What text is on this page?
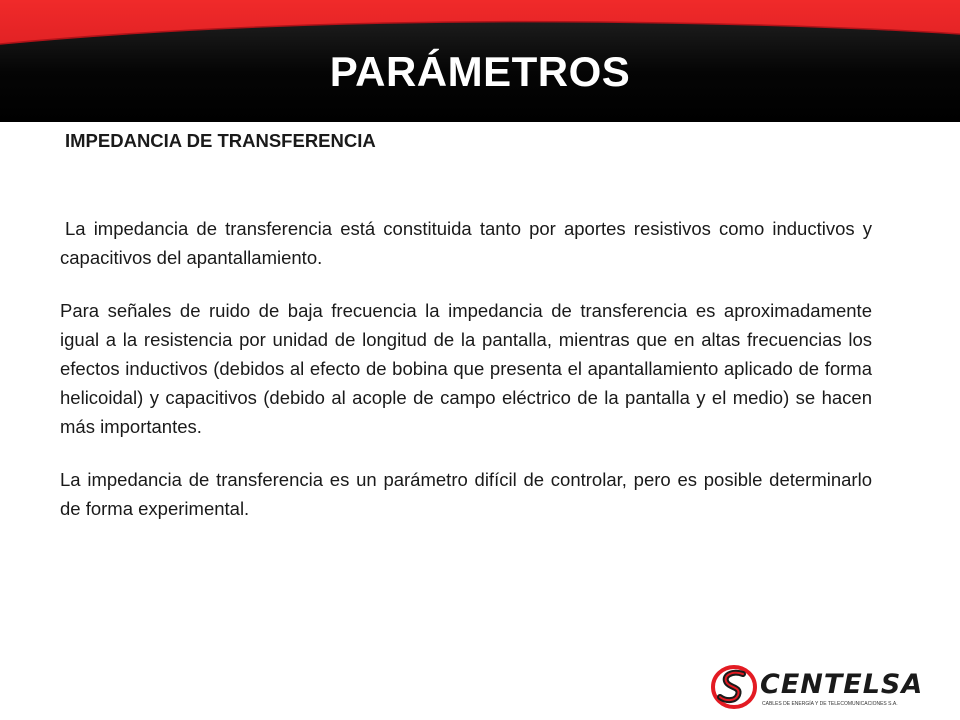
PARÁMETROS
IMPEDANCIA DE TRANSFERENCIA

La impedancia de transferencia está constituida tanto por aportes resistivos como inductivos y capacitivos del apantallamiento.

Para señales de ruido de baja frecuencia la impedancia de transferencia es aproximadamente igual a la resistencia por unidad de longitud de la pantalla, mientras que en altas frecuencias los efectos inductivos (debidos al efecto de bobina que presenta el apantallamiento aplicado de forma helicoidal) y capacitivos (debido al acople de campo eléctrico de la pantalla y el medio) se hacen más importantes.

La impedancia de transferencia es un parámetro difícil de controlar, pero es posible determinarlo de forma experimental.

CENTELSA
CABLES DE ENERGÍA Y DE TELECOMUNICACIONES S.A.
